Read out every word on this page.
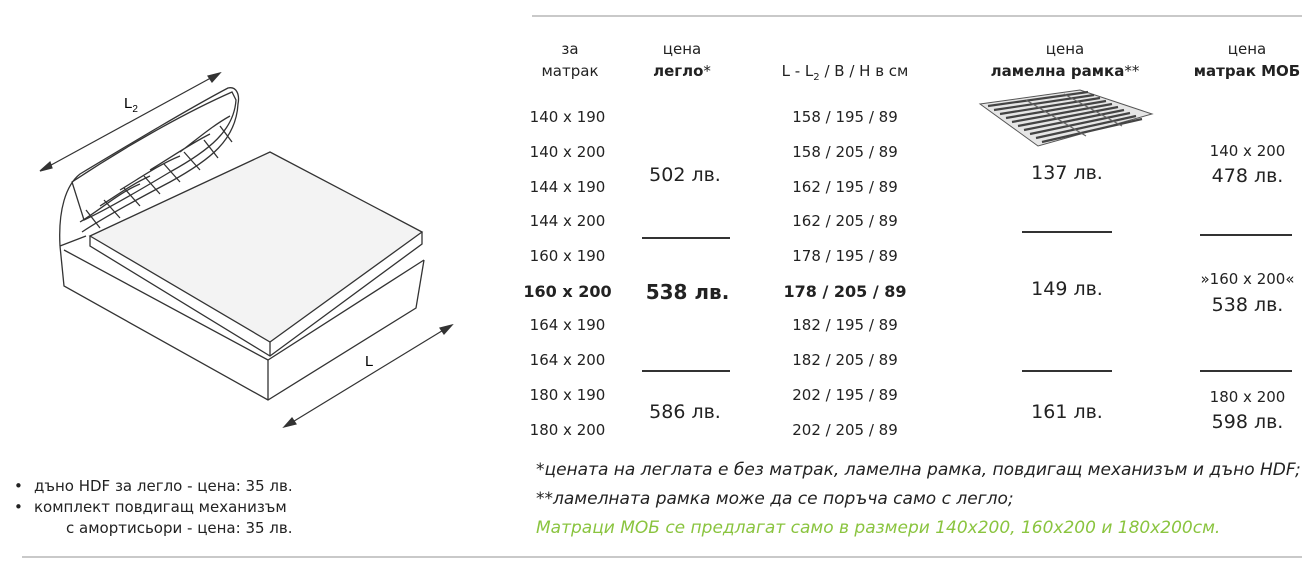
$L_2$
L
за
матрак
цена
легло*	L - $L_2$ / B / H в см
цена
ламелна рамка**
цена
матрак МОБ
140 x 190
140 x 200
144 x 190
144 x 200
160 x 190
160 x 200
164 x 190
164 x 200
180 x 190
180 x 200
158 / 195 / 89
158 / 205 / 89
162 / 195 / 89
162 / 205 / 89
178 / 195 / 89
178 / 205 / 89
182 / 195 / 89
182 / 205 / 89
202 / 195 / 89
202 / 205 / 89
502 лв.
538 лв.
586 лв.
137 лв.
149 лв.
161 лв.
140 x 200
478 лв.
»160 x 200«
538 лв.
180 x 200
598 лв.
*цената на леглата е без матрак, ламелна рамка, повдигащ механизъм и дъно HDF;
**ламелната рамка може да се поръча само с легло;
Матраци МОБ се предлагат само в размери 140x200, 160x200 и 180x200см.
• дъно HDF за легло - цена: 35 лв.
• комплект повдигащ механизъм
с амортисьори - цена: 35 лв.
